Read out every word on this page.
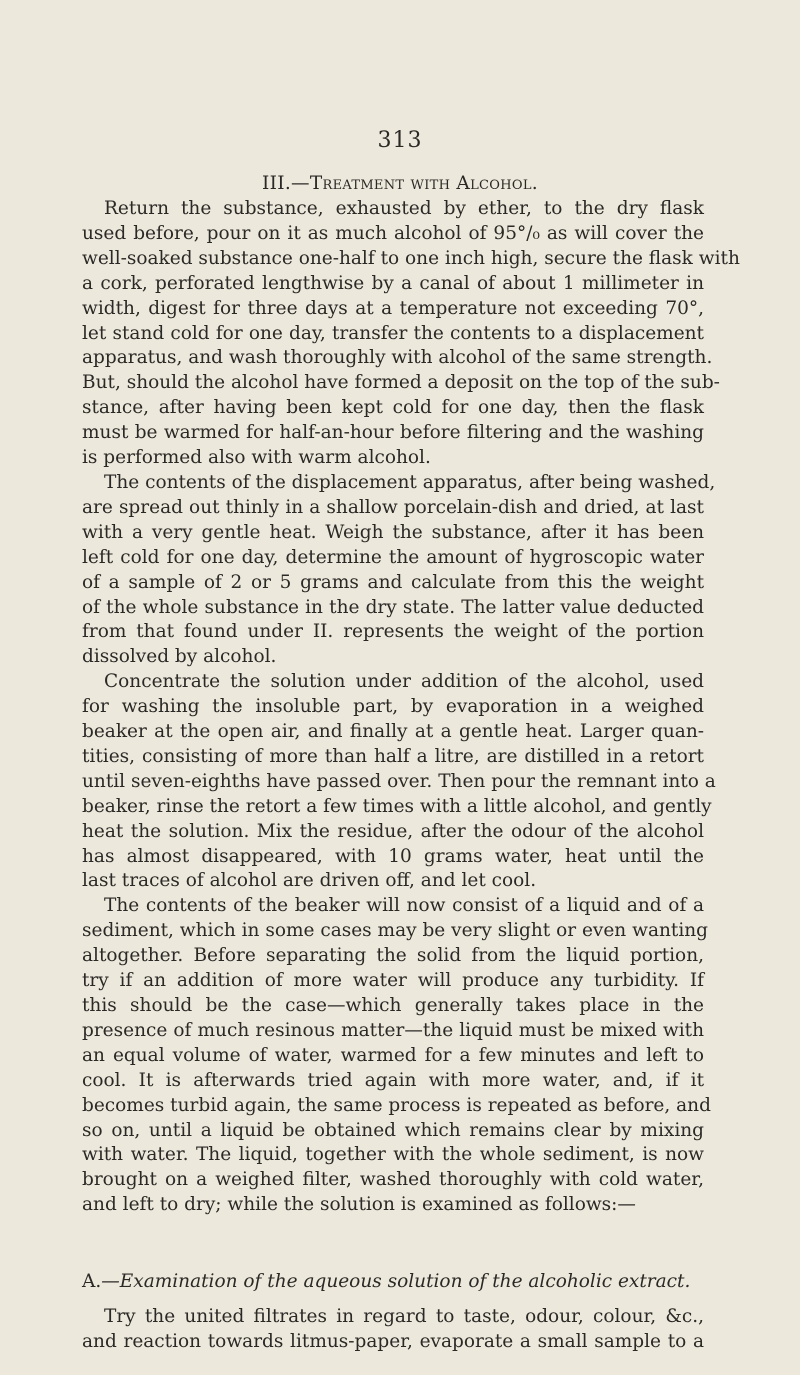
313
III.—Treatment with Alcohol.
Return the substance, exhausted by ether, to the dry flask
used before, pour on it as much alcohol of 95°/₀ as will cover the
well-soaked substance one-half to one inch high, secure the flask with
a cork, perforated lengthwise by a canal of about 1 millimeter in
width, digest for three days at a temperature not exceeding 70°,
let stand cold for one day, transfer the contents to a displacement
apparatus, and wash thoroughly with alcohol of the same strength.
But, should the alcohol have formed a deposit on the top of the sub-
stance, after having been kept cold for one day, then the flask
must be warmed for half-an-hour before filtering and the washing
is performed also with warm alcohol.
The contents of the displacement apparatus, after being washed,
are spread out thinly in a shallow porcelain-dish and dried, at last
with a very gentle heat. Weigh the substance, after it has been
left cold for one day, determine the amount of hygroscopic water
of a sample of 2 or 5 grams and calculate from this the weight
of the whole substance in the dry state. The latter value deducted
from that found under II. represents the weight of the portion
dissolved by alcohol.
Concentrate the solution under addition of the alcohol, used
for washing the insoluble part, by evaporation in a weighed
beaker at the open air, and finally at a gentle heat. Larger quan-
tities, consisting of more than half a litre, are distilled in a retort
until seven-eighths have passed over. Then pour the remnant into a
beaker, rinse the retort a few times with a little alcohol, and gently
heat the solution. Mix the residue, after the odour of the alcohol
has almost disappeared, with 10 grams water, heat until the
last traces of alcohol are driven off, and let cool.
The contents of the beaker will now consist of a liquid and of a
sediment, which in some cases may be very slight or even wanting
altogether. Before separating the solid from the liquid portion,
try if an addition of more water will produce any turbidity. If
this should be the case—which generally takes place in the
presence of much resinous matter—the liquid must be mixed with
an equal volume of water, warmed for a few minutes and left to
cool. It is afterwards tried again with more water, and, if it
becomes turbid again, the same process is repeated as before, and
so on, until a liquid be obtained which remains clear by mixing
with water. The liquid, together with the whole sediment, is now
brought on a weighed filter, washed thoroughly with cold water,
and left to dry; while the solution is examined as follows:—
A.—Examination of the aqueous solution of the alcoholic extract.
Try the united filtrates in regard to taste, odour, colour, &c.,
and reaction towards litmus-paper, evaporate a small sample to a
